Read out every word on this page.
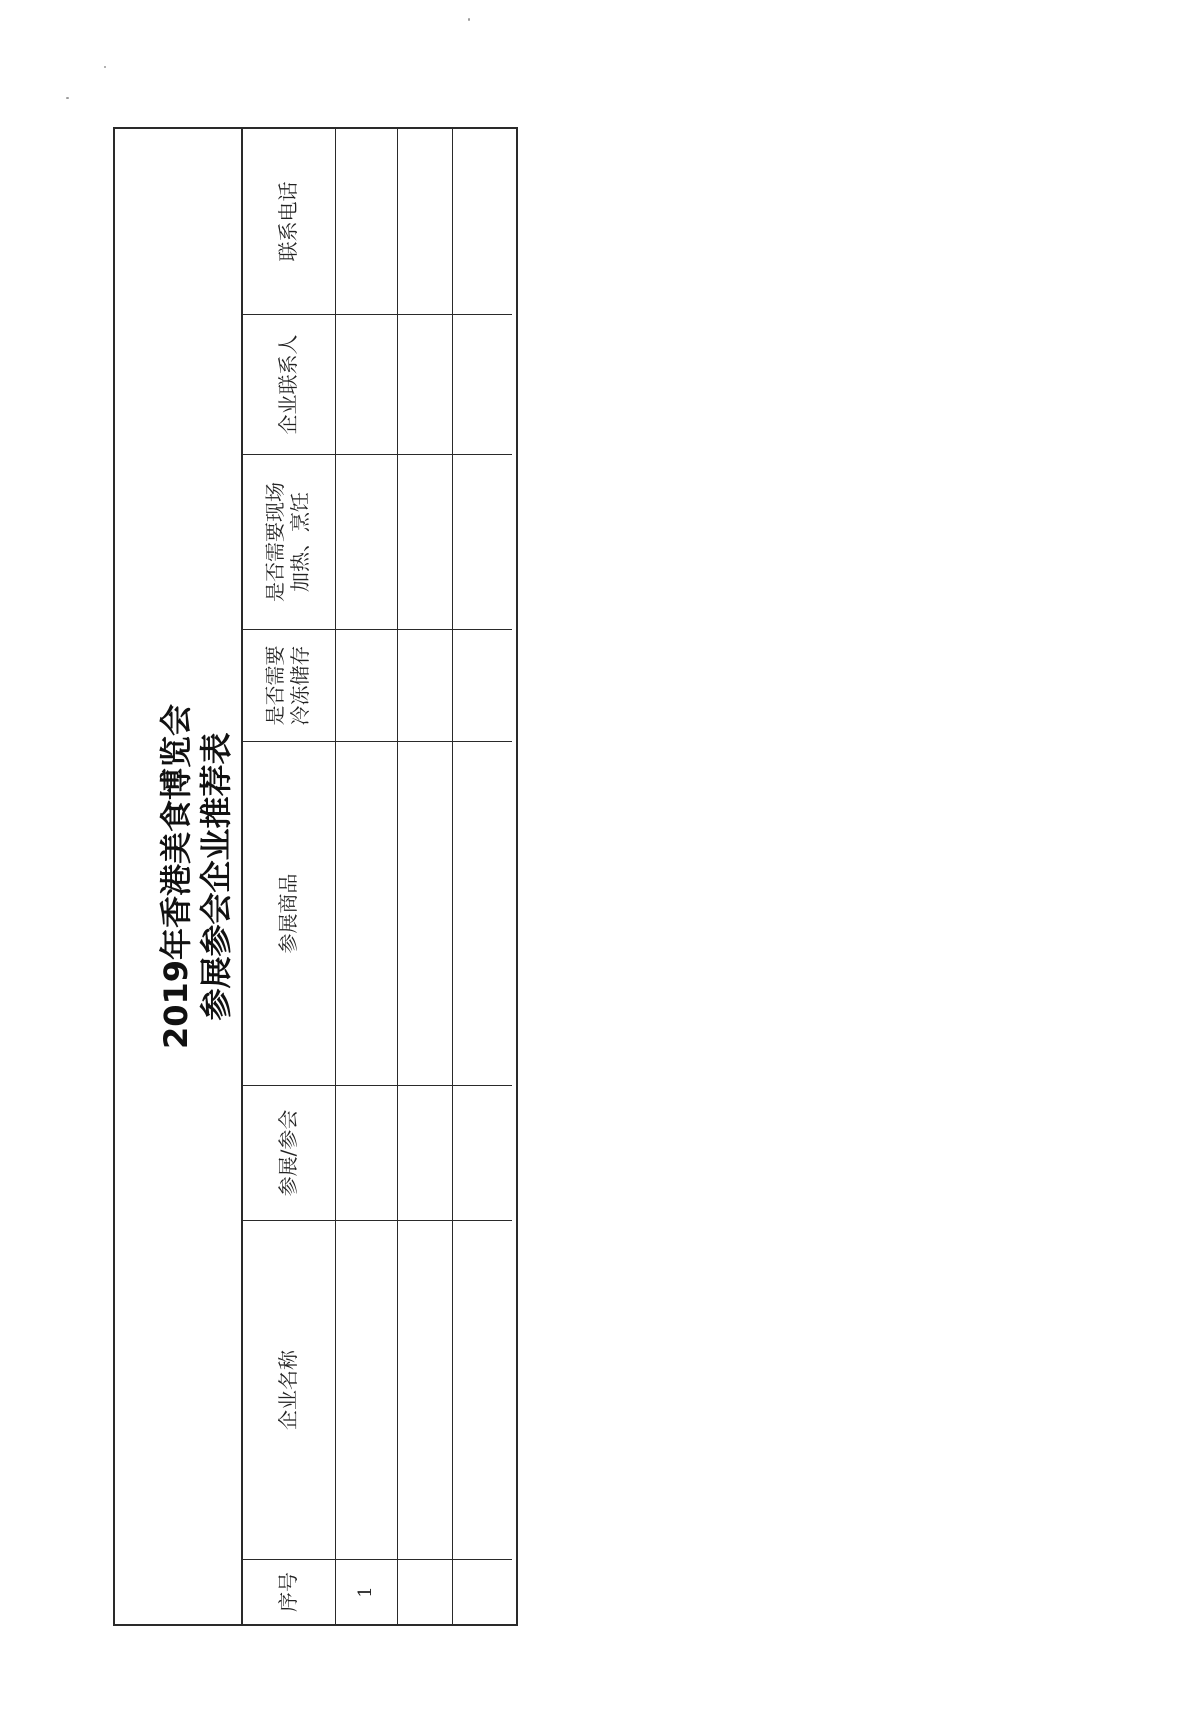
2019年香港美食博览会 参展参会企业推荐表
序号
企业名称
参展/参会
参展商品
是否需要 冷冻储存
是否需要现场 加热、烹饪
企业联系人
联系电话
1
